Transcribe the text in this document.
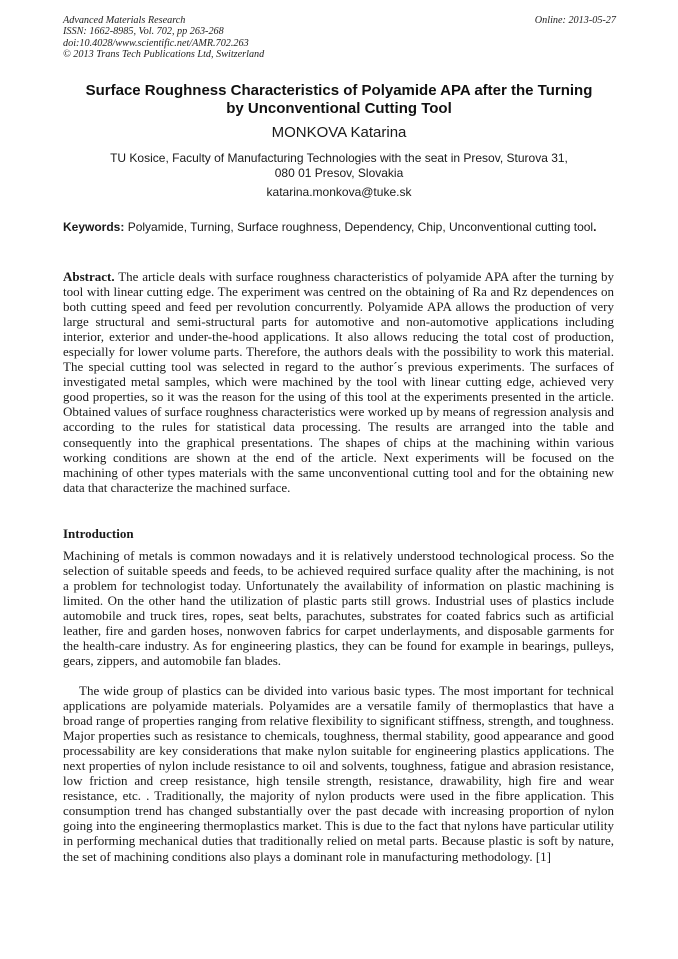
Advanced Materials Research
ISSN: 1662-8985, Vol. 702, pp 263-268
doi:10.4028/www.scientific.net/AMR.702.263
© 2013 Trans Tech Publications Ltd, Switzerland
Online: 2013-05-27
Surface Roughness Characteristics of Polyamide APA after the Turning
by Unconventional Cutting Tool
MONKOVA Katarina
TU Kosice, Faculty of Manufacturing Technologies with the seat in Presov, Sturova 31,
080 01 Presov, Slovakia
katarina.monkova@tuke.sk
Keywords: Polyamide, Turning, Surface roughness, Dependency, Chip, Unconventional cutting tool.
Abstract. The article deals with surface roughness characteristics of polyamide APA after the turning by tool with linear cutting edge. The experiment was centred on the obtaining of Ra and Rz dependences on both cutting speed and feed per revolution concurrently. Polyamide APA allows the production of very large structural and semi-structural parts for automotive and non-automotive applications including interior, exterior and under-the-hood applications. It also allows reducing the total cost of production, especially for lower volume parts. Therefore, the authors deals with the possibility to work this material. The special cutting tool was selected in regard to the author´s previous experiments. The surfaces of investigated metal samples, which were machined by the tool with linear cutting edge, achieved very good properties, so it was the reason for the using of this tool at the experiments presented in the article. Obtained values of surface roughness characteristics were worked up by means of regression analysis and according to the rules for statistical data processing. The results are arranged into the table and consequently into the graphical presentations. The shapes of chips at the machining within various working conditions are shown at the end of the article. Next experiments will be focused on the machining of other types materials with the same unconventional cutting tool and for the obtaining new data that characterize the machined surface.
Introduction
Machining of metals is common nowadays and it is relatively understood technological process. So the selection of suitable speeds and feeds, to be achieved required surface quality after the machining, is not a problem for technologist today. Unfortunately the availability of information on plastic machining is limited. On the other hand the utilization of plastic parts still grows. Industrial uses of plastics include automobile and truck tires, ropes, seat belts, parachutes, substrates for coated fabrics such as artificial leather, fire and garden hoses, nonwoven fabrics for carpet underlayments, and disposable garments for the health-care industry. As for engineering plastics, they can be found for example in bearings, pulleys, gears, zippers, and automobile fan blades.
The wide group of plastics can be divided into various basic types. The most important for technical applications are polyamide materials. Polyamides are a versatile family of thermoplastics that have a broad range of properties ranging from relative flexibility to significant stiffness, strength, and toughness. Major properties such as resistance to chemicals, toughness, thermal stability, good appearance and good processability are key considerations that make nylon suitable for engineering plastics applications. The next properties of nylon include resistance to oil and solvents, toughness, fatigue and abrasion resistance, low friction and creep resistance, high tensile strength, resistance, drawability, high fire and wear resistance, etc. . Traditionally, the majority of nylon products were used in the fibre application. This consumption trend has changed substantially over the past decade with increasing proportion of nylon going into the engineering thermoplastics market. This is due to the fact that nylons have particular utility in performing mechanical duties that traditionally relied on metal parts. Because plastic is soft by nature, the set of machining conditions also plays a dominant role in manufacturing methodology. [1]
